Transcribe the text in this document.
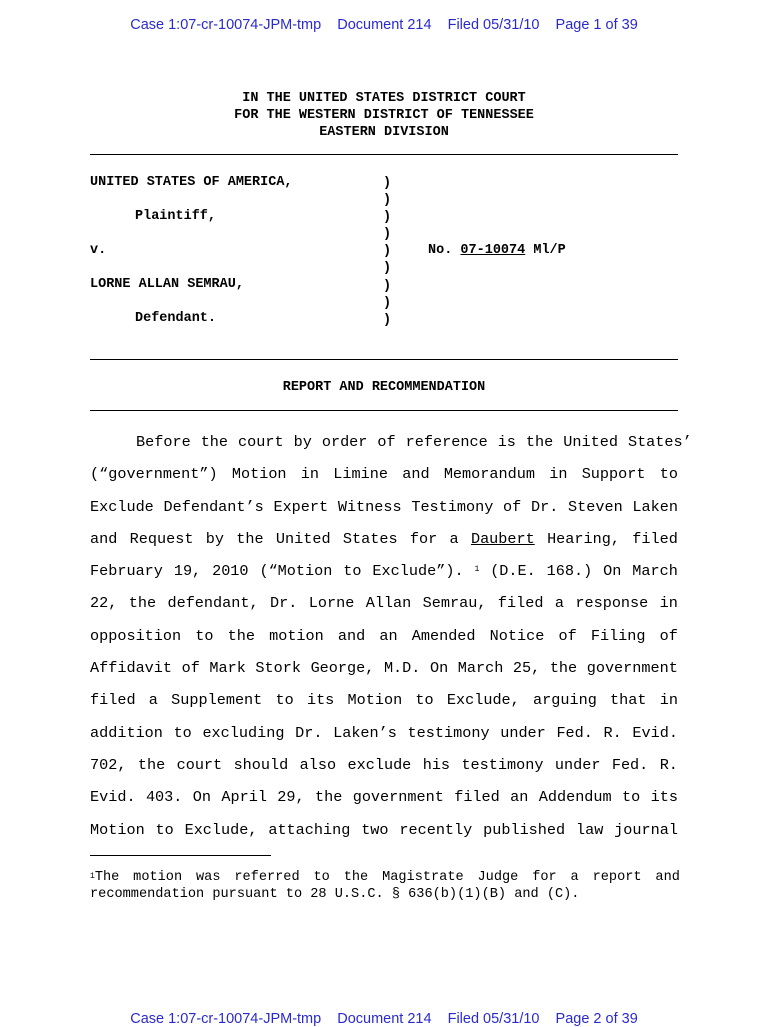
Case 1:07-cr-10074-JPM-tmp Document 214 Filed 05/31/10 Page 1 of 39
IN THE UNITED STATES DISTRICT COURT
FOR THE WESTERN DISTRICT OF TENNESSEE
EASTERN DIVISION
UNITED STATES OF AMERICA,
Plaintiff,
v.
LORNE ALLAN SEMRAU,
Defendant.
)
)
)
)
)
)
)
)
)
No. 07-10074 Ml/P
REPORT AND RECOMMENDATION
Before the court by order of reference is the United States’
(“government”) Motion in Limine and Memorandum in Support to
Exclude Defendant’s Expert Witness Testimony of Dr. Steven Laken
and Request by the United States for a Daubert Hearing, filed
February 19, 2010 (“Motion to Exclude”). $^1$ (D.E. 168.) On March
22, the defendant, Dr. Lorne Allan Semrau, filed a response in
opposition to the motion and an Amended Notice of Filing of
Affidavit of Mark Stork George, M.D. On March 25, the government
filed a Supplement to its Motion to Exclude, arguing that in
addition to excluding Dr. Laken’s testimony under Fed. R. Evid.
702, the court should also exclude his testimony under Fed. R.
Evid. 403. On April 29, the government filed an Addendum to its
Motion to Exclude, attaching two recently published law journal
$^1$The motion was referred to the Magistrate Judge for a report and
recommendation pursuant to 28 U.S.C. § 636(b)(1)(B) and (C).
Case 1:07-cr-10074-JPM-tmp Document 214 Filed 05/31/10 Page 2 of 39
